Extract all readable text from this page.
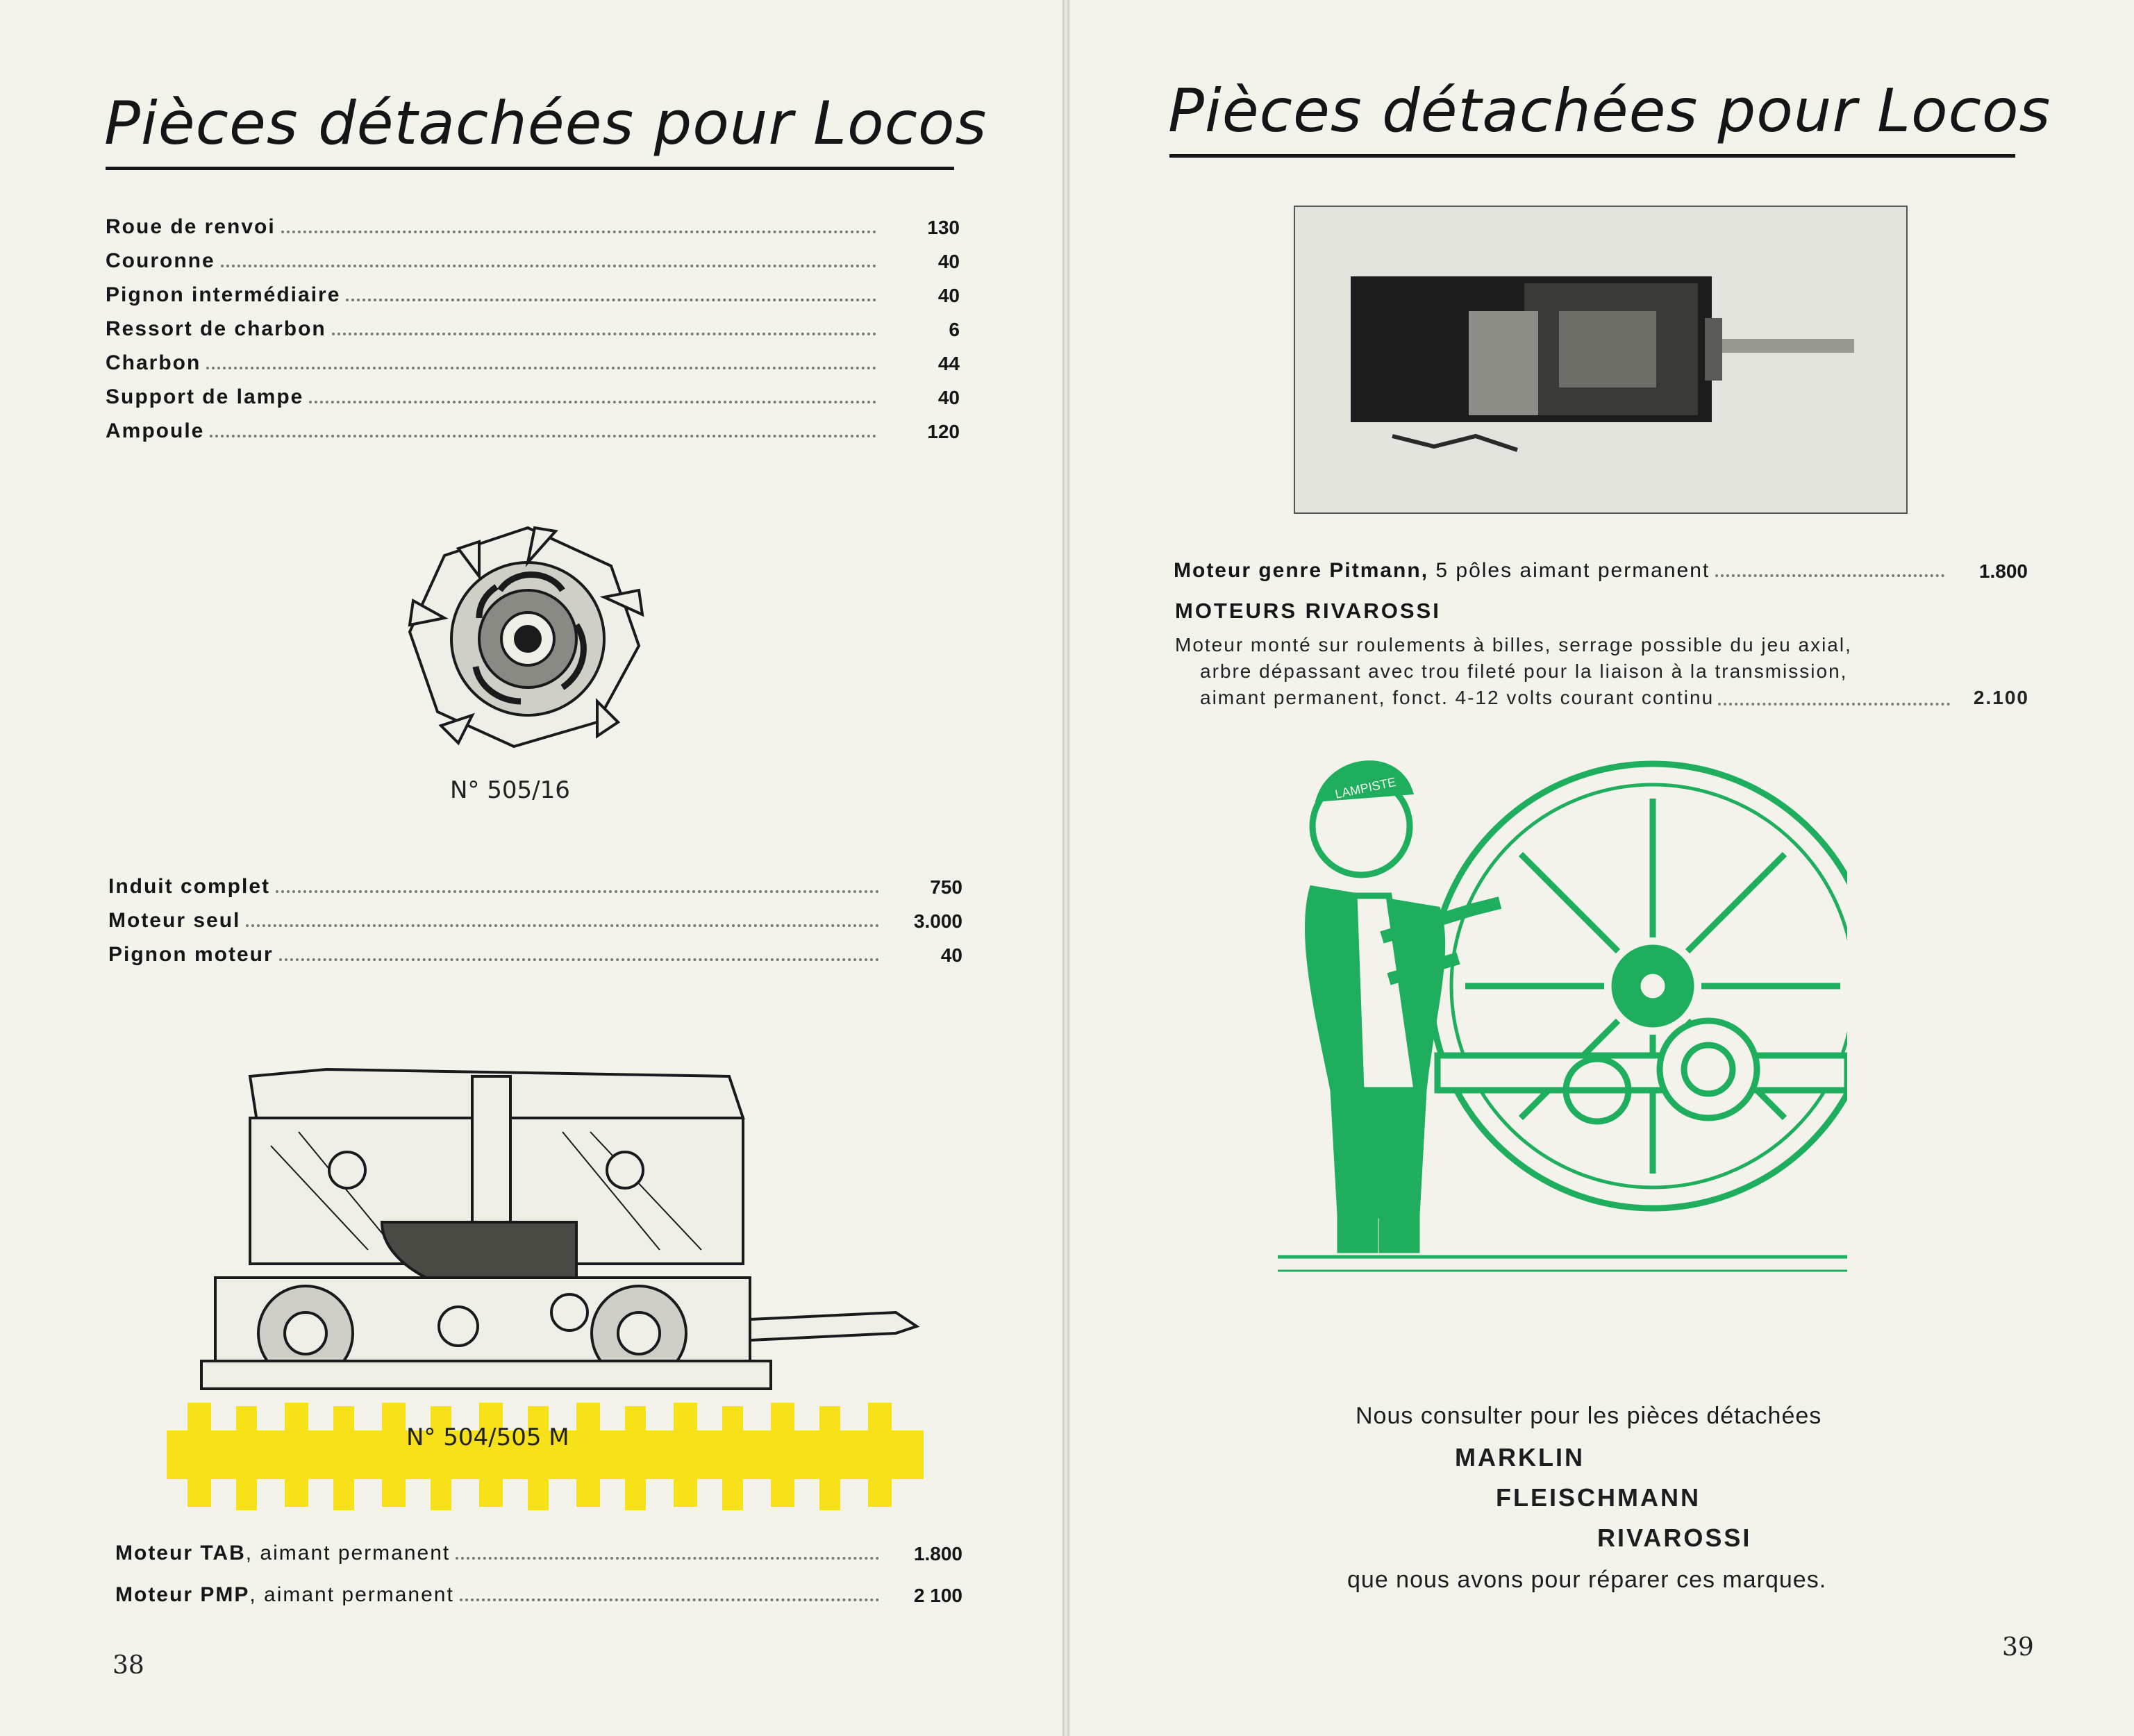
Pièces détachées pour Locos
Roue de renvoi	130
Couronne	40
Pignon intermédiaire	40
Ressort de charbon	6
Charbon	44
Support de lampe	40
Ampoule	120
N° 505/16
Induit complet	750
Moteur seul	3.000
Pignon moteur	40
N° 504/505 M
Moteur TAB, aimant permanent	1.800
Moteur PMP, aimant permanent	2 100
38
Pièces détachées pour Locos
Moteur genre Pitmann, 5 pôles aimant permanent	1.800
MOTEURS RIVAROSSI
Moteur monté sur roulements à billes, serrage possible du jeu axial,
arbre dépassant avec trou fileté pour la liaison à la transmission,
aimant permanent, fonct. 4-12 volts courant continu	2.100
LAMPISTE
Nous consulter pour les pièces détachées
MARKLIN
FLEISCHMANN
RIVAROSSI
que nous avons pour réparer ces marques.
39
